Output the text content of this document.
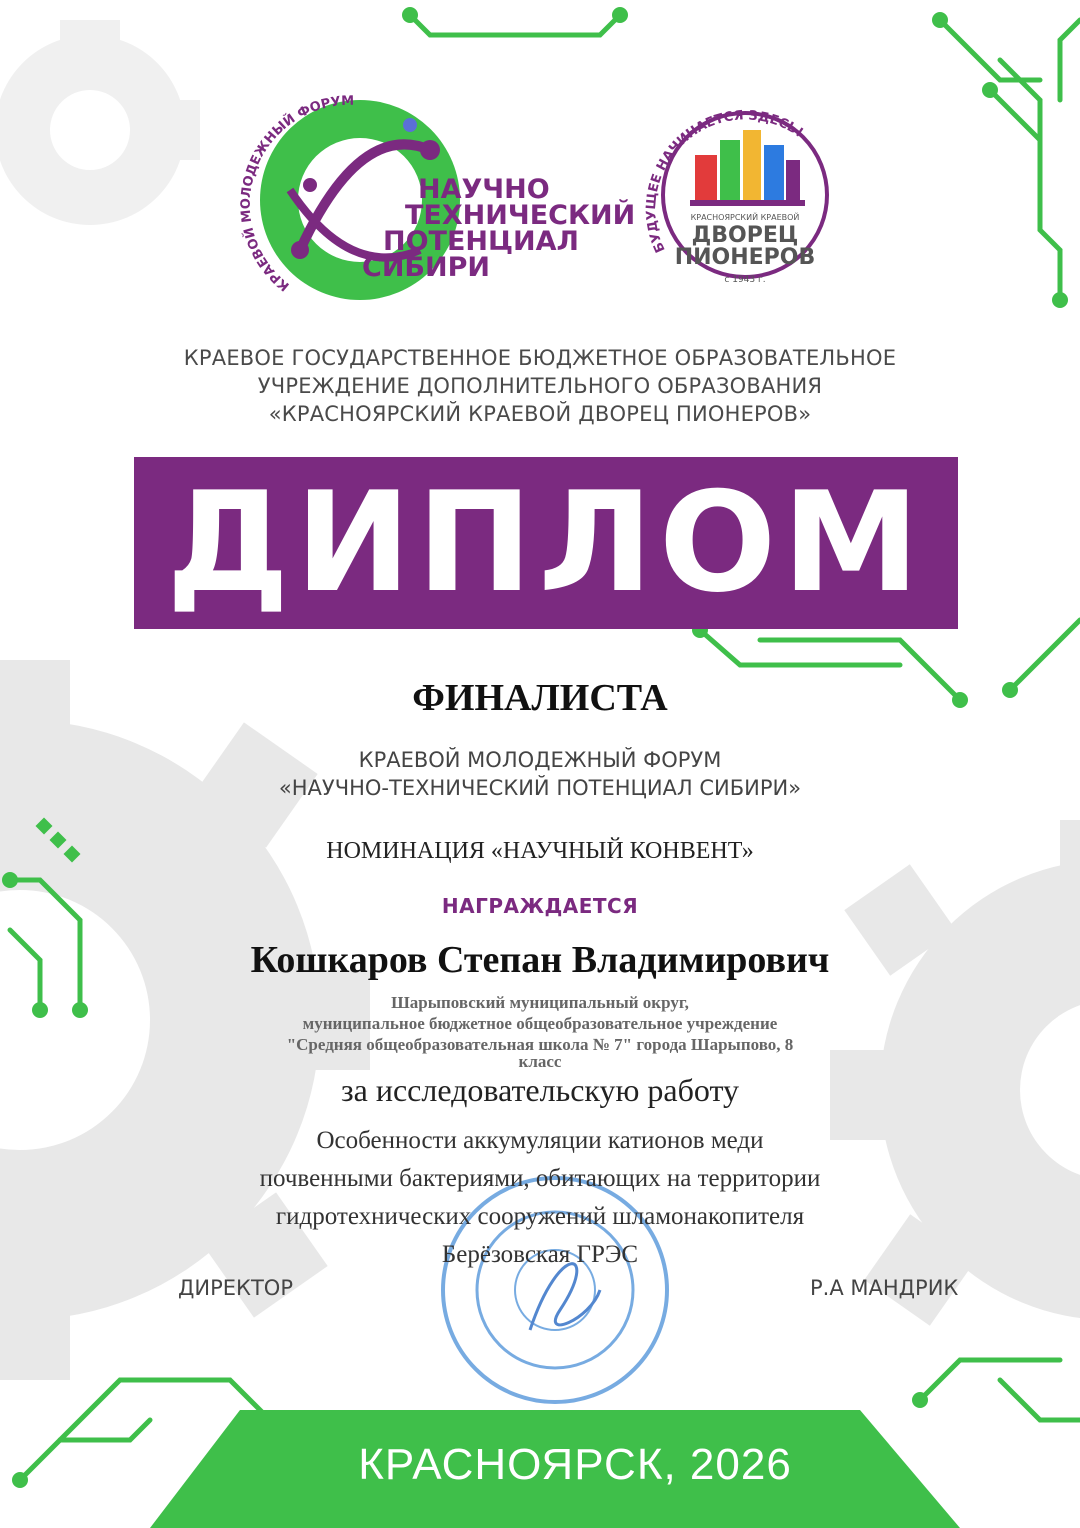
КРАЕВОЙ МОЛОДЕЖНЫЙ ФОРУМ
НАУЧНО
ТЕХНИЧЕСКИЙ
ПОТЕНЦИАЛ
СИБИРИ
БУДУЩЕЕ НАЧИНАЕТСЯ ЗДЕСЬ!
КРАСНОЯРСКИЙ КРАЕВОЙ
ДВОРЕЦ
ПИОНЕРОВ
с 1943 г.
КРАЕВОЕ ГОСУДАРСТВЕННОЕ БЮДЖЕТНОЕ ОБРАЗОВАТЕЛЬНОЕ
УЧРЕЖДЕНИЕ ДОПОЛНИТЕЛЬНОГО ОБРАЗОВАНИЯ
«КРАСНОЯРСКИЙ КРАЕВОЙ ДВОРЕЦ ПИОНЕРОВ»
ДИПЛОМ
ФИНАЛИСТА
КРАЕВОЙ МОЛОДЕЖНЫЙ ФОРУМ
«НАУЧНО-ТЕХНИЧЕСКИЙ ПОТЕНЦИАЛ СИБИРИ»
НОМИНАЦИЯ «НАУЧНЫЙ КОНВЕНТ»
НАГРАЖДАЕТСЯ
Кошкаров Степан Владимирович
Шарыповский муниципальный округ,
муниципальное бюджетное общеобразовательное учреждение
"Средняя общеобразовательная школа № 7" города Шарыпово, 8
класс
за исследовательскую работу
Особенности аккумуляции катионов меди
почвенными бактериями, обитающих на территории
гидротехнических сооружений шламонакопителя
Берёзовская ГРЭС
ДИРЕКТОР	Р.А МАНДРИК
КРАСНОЯРСК, 2026
